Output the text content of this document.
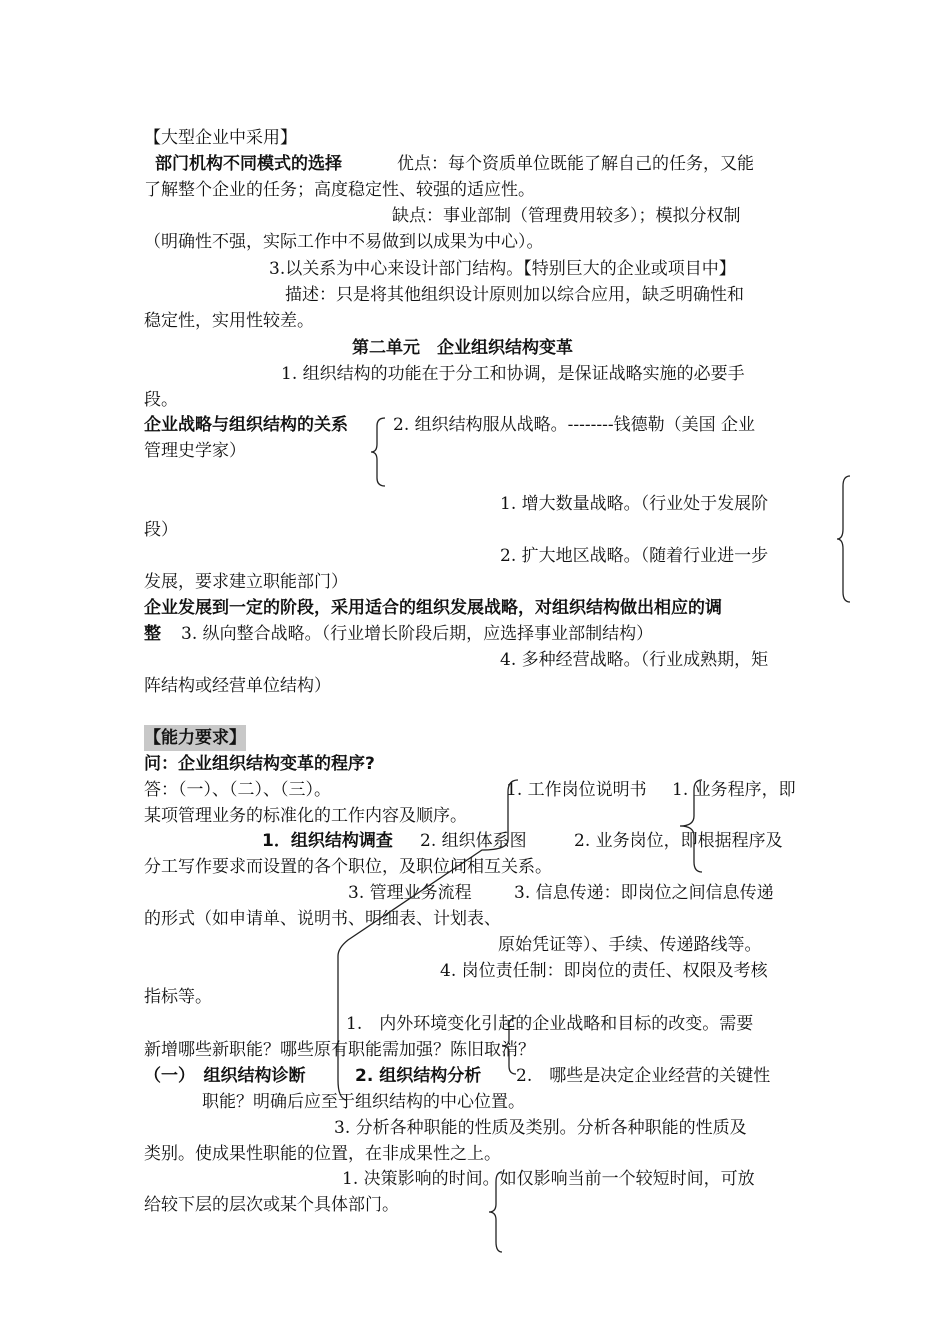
【大型企业中采用】
部门机构不同模式的选择	优点：每个资质单位既能了解自己的任务，又能
了解整个企业的任务；高度稳定性、较强的适应性。
缺点：事业部制（管理费用较多）；模拟分权制
（明确性不强，实际工作中不易做到以成果为中心）。
3.以关系为中心来设计部门结构。【特别巨大的企业或项目中】
描述：只是将其他组织设计原则加以综合应用，缺乏明确性和
稳定性，实用性较差。
第二单元　企业组织结构变革
1. 组织结构的功能在于分工和协调，是保证战略实施的必要手
段。
企业战略与组织结构的关系	2. 组织结构服从战略。--------钱德勒（美国 企业
管理史学家）
1. 增大数量战略。（行业处于发展阶
段）
2. 扩大地区战略。（随着行业进一步
发展，要求建立职能部门）
企业发展到一定的阶段，采用适合的组织发展战略，对组织结构做出相应的调
整 3. 纵向整合战略。（行业增长阶段后期，应选择事业部制结构）
4. 多种经营战略。（行业成熟期，矩
阵结构或经营单位结构）
【能力要求】
问：企业组织结构变革的程序?
答：（一）、（二）、（三）。	1. 工作岗位说明书 1. 业务程序，即
某项管理业务的标准化的工作内容及顺序。
1．组织结构调查 2. 组织体系图	2. 业务岗位，即根据程序及
分工写作要求而设置的各个职位，及职位间相互关系。
3. 管理业务流程 3. 信息传递：即岗位之间信息传递
的形式（如申请单、说明书、明细表、计划表、
原始凭证等）、手续、传递路线等。
4. 岗位责任制：即岗位的责任、权限及考核
指标等。
1.　内外环境变化引起的企业战略和目标的改变。需要
新增哪些新职能？哪些原有职能需加强？陈旧取消？
（一）　组织结构诊断	2. 组织结构分析 2.　哪些是决定企业经营的关键性
职能？明确后应至于组织结构的中心位置。
3. 分析各种职能的性质及类别。分析各种职能的性质及
类别。使成果性职能的位置，在非成果性之上。
1. 决策影响的时间。如仅影响当前一个较短时间，可放
给较下层的层次或某个具体部门。
